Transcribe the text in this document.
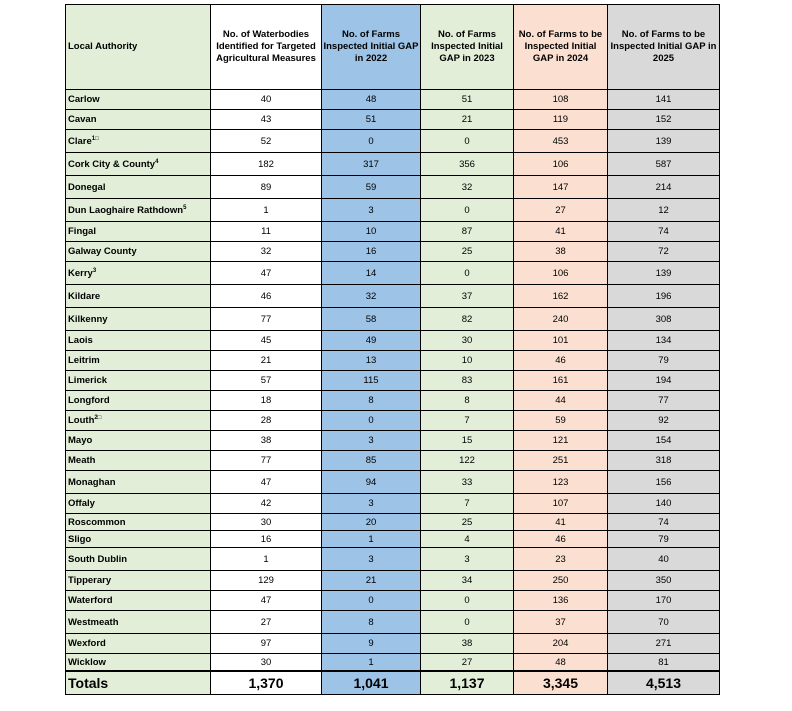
Local Authority	No. of Waterbodies Identified for Targeted Agricultural Measures	No. of Farms Inspected Initial GAP in 2022	No. of Farms Inspected Initial GAP in 2023	No. of Farms to be Inspected Initial GAP in 2024	No. of Farms to be Inspected Initial GAP in 2025
Carlow	40	48	51	108	141
Cavan	43	51	21	119	152
Clare$^{1□}$	52	0	0	453	139
Cork City & County$^4$	182	317	356	106	587
Donegal	89	59	32	147	214
Dun Laoghaire Rathdown$^5$	1	3	0	27	12
Fingal	11	10	87	41	74
Galway County	32	16	25	38	72
Kerry$^3$	47	14	0	106	139
Kildare	46	32	37	162	196
Kilkenny	77	58	82	240	308
Laois	45	49	30	101	134
Leitrim	21	13	10	46	79
Limerick	57	115	83	161	194
Longford	18	8	8	44	77
Louth$^{2□}$	28	0	7	59	92
Mayo	38	3	15	121	154
Meath	77	85	122	251	318
Monaghan	47	94	33	123	156
Offaly	42	3	7	107	140
Roscommon	30	20	25	41	74
Sligo	16	1	4	46	79
South Dublin	1	3	3	23	40
Tipperary	129	21	34	250	350
Waterford	47	0	0	136	170
Westmeath	27	8	0	37	70
Wexford	97	9	38	204	271
Wicklow	30	1	27	48	81
Totals	1,370	1,041	1,137	3,345	4,513
